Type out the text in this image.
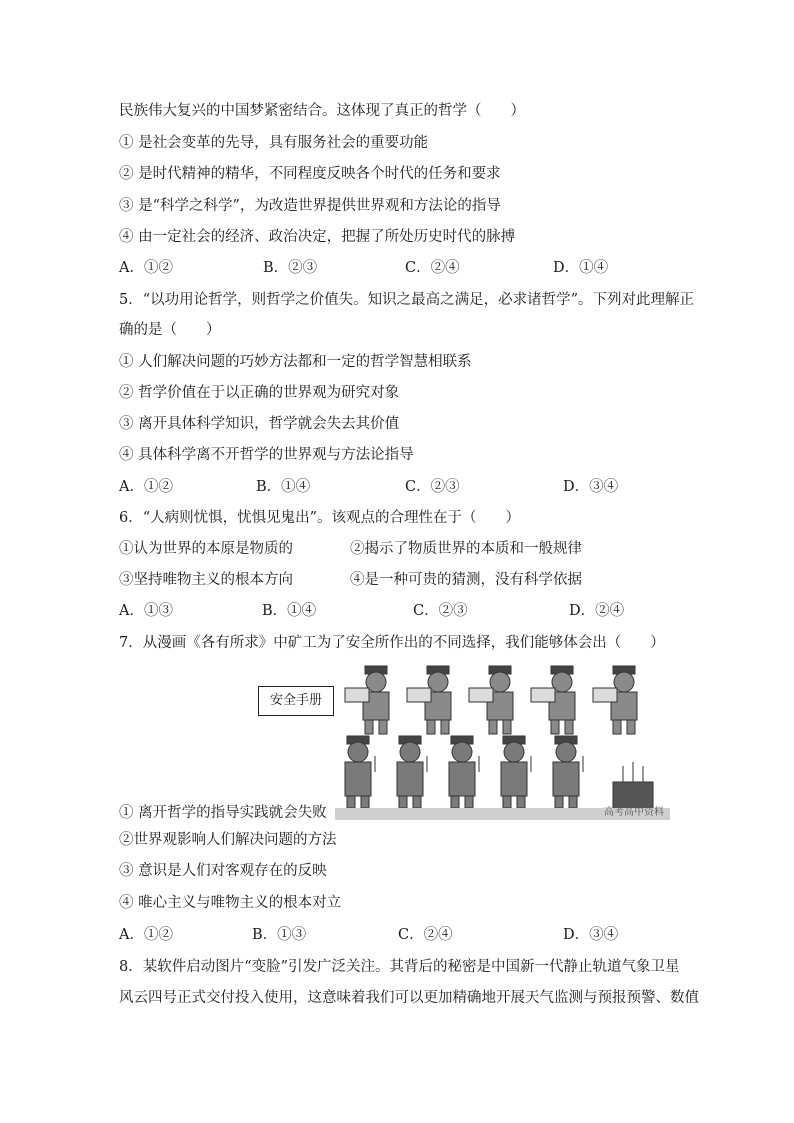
民族伟大复兴的中国梦紧密结合。这体现了真正的哲学（　　）
① 是社会变革的先导，具有服务社会的重要功能
② 是时代精神的精华，不同程度反映各个时代的任务和要求
③ 是“科学之科学”，为改造世界提供世界观和方法论的指导
④ 由一定社会的经济、政治决定，把握了所处历史时代的脉搏
A．①②	B．②③	C．②④	D．①④
5．“以功用论哲学，则哲学之价值失。知识之最高之满足，必求诸哲学”。下列对此理解正
确的是（　　）
① 人们解决问题的巧妙方法都和一定的哲学智慧相联系
② 哲学价值在于以正确的世界观为研究对象
③ 离开具体科学知识，哲学就会失去其价值
④ 具体科学离不开哲学的世界观与方法论指导
A．①②	B．①④	C．②③	D．③④
6．“人病则忧惧，忧惧见鬼出”。该观点的合理性在于（　　）
①认为世界的本原是物质的	②揭示了物质世界的本质和一般规律
③坚持唯物主义的根本方向	④是一种可贵的猜测，没有科学依据
A．①③	B．①④	C．②③	D．②④
7．从漫画《各有所求》中矿工为了安全所作出的不同选择，我们能够体会出（　　）
安全手册
高考高中资料
① 离开哲学的指导实践就会失败
②世界观影响人们解决问题的方法
③ 意识是人们对客观存在的反映
④ 唯心主义与唯物主义的根本对立
A．①②	B．①③	C．②④	D．③④
8．某软件启动图片“变脸”引发广泛关注。其背后的秘密是中国新一代静止轨道气象卫星
风云四号正式交付投入使用，这意味着我们可以更加精确地开展天气监测与预报预警、数值
